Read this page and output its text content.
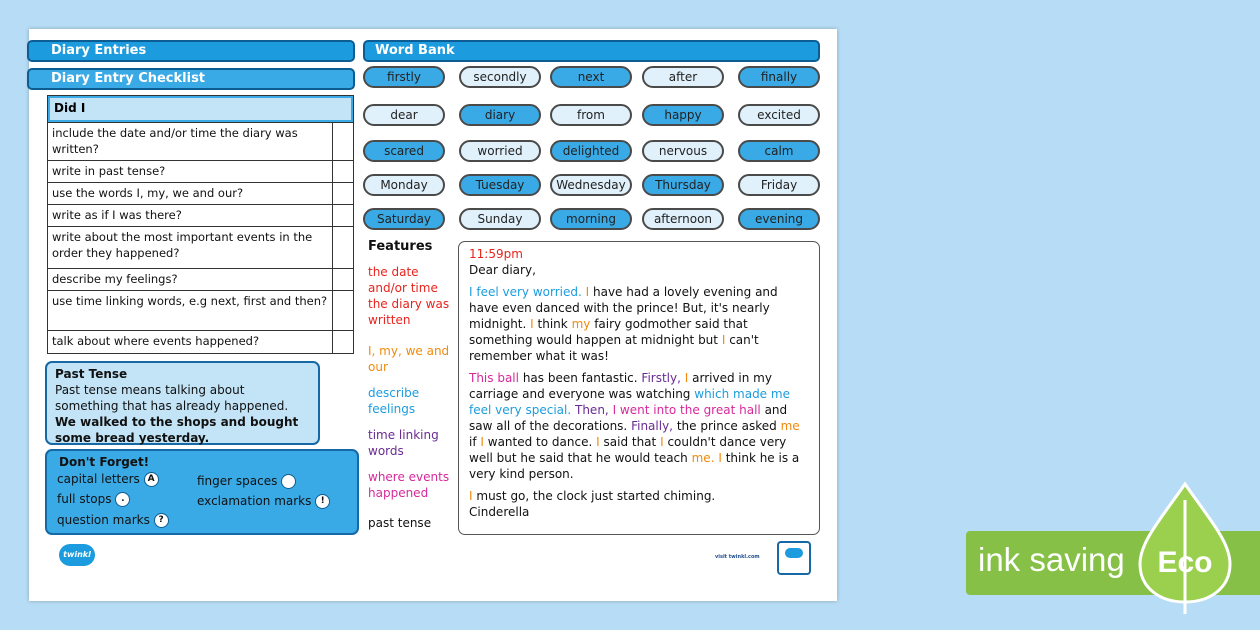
Diary Entries
Diary Entry Checklist
Did I
include the date and/or time the diary was written?
write in past tense?
use the words I, my, we and our?
write as if I was there?
write about the most important events in the order they happened?
describe my feelings?
use time linking words, e.g next, first and then?
talk about where events happened?
Past Tense
Past tense means talking about something that has already happened.
We walked to the shops and bought some bread yesterday.
Don't Forget!
capital letters A
full stops .
question marks ?
finger spaces
exclamation marks !
Word Bank
firstly	secondly	next	after	finally
dear	diary	from	happy	excited
scared	worried	delighted	nervous	calm
Monday	Tuesday	Wednesday	Thursday	Friday
Saturday	Sunday	morning	afternoon	evening
Features
the date and/or time the diary was written
I, my, we and our
describe feelings
time linking words
where events happened
past tense
11:59pm

Dear diary,

I feel very worried. I have had a lovely evening and have even danced with the prince! But, it's nearly midnight. I think my fairy godmother said that something would happen at midnight but I can't remember what it was!

This ball has been fantastic. Firstly, I arrived in my carriage and everyone was watching which made me feel very special. Then, I went into the great hall and saw all of the decorations. Finally, the prince asked me if I wanted to dance. I said that I couldn't dance very well but he said that he would teach me. I think he is a very kind person.

I must go, the clock just started chiming.
Cinderella
twinkl	visit twinkl.com	ink saving Eco
